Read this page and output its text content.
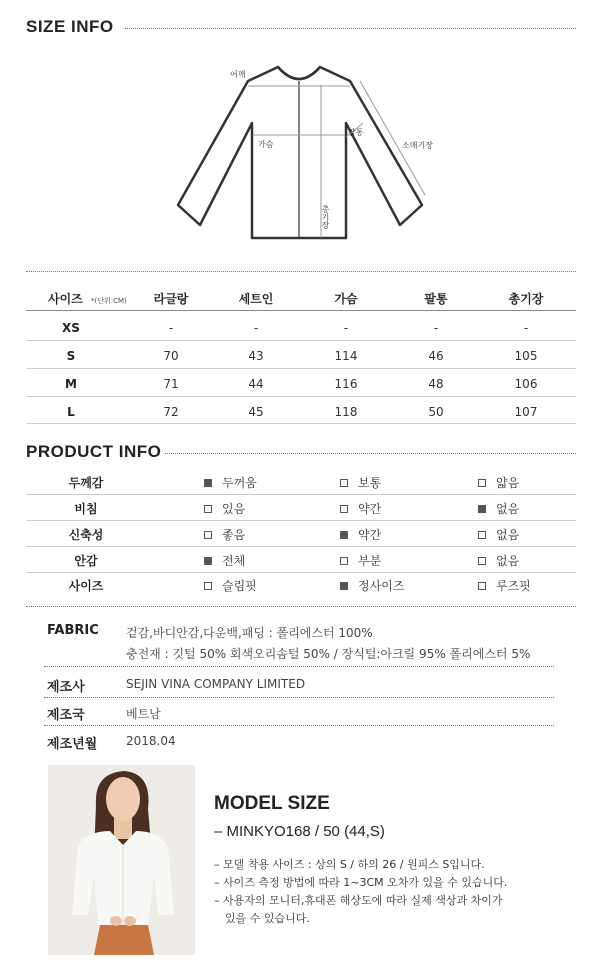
SIZE INFO
어깨
가슴
팔통
소매기장
총기장
사이즈 *(단위:CM)	라글랑	세트인	가슴	팔통	총기장
XS	-	-	-	-	-
S	70	43	114	46	105
M	71	44	116	48	106
L	72	45	118	50	107
PRODUCT INFO
두께감	두꺼움	보통	얇음
비침	있음	약간	없음
신축성	좋음	약간	없음
안감	전체	부분	없음
사이즈	슬림핏	정사이즈	루즈핏
FABRIC 겉감,바디안감,다운백,패딩 : 폴리에스터 100%
충전재 : 깃털 50% 회색오리솜털 50% / 장식털:아크릴 95% 폴리에스터 5%
제조사	SEJIN VINA COMPANY LIMITED
제조국	베트남
제조년월 2018.04
MODEL SIZE
– MINKYO168 / 50 (44,S)
– 모델 착용 사이즈 : 상의 S / 하의 26 / 원피스 S입니다.
– 사이즈 측정 방법에 따라 1~3CM 오차가 있을 수 있습니다.
– 사용자의 모니터,휴대폰 해상도에 따라 실제 색상과 차이가
있을 수 있습니다.
